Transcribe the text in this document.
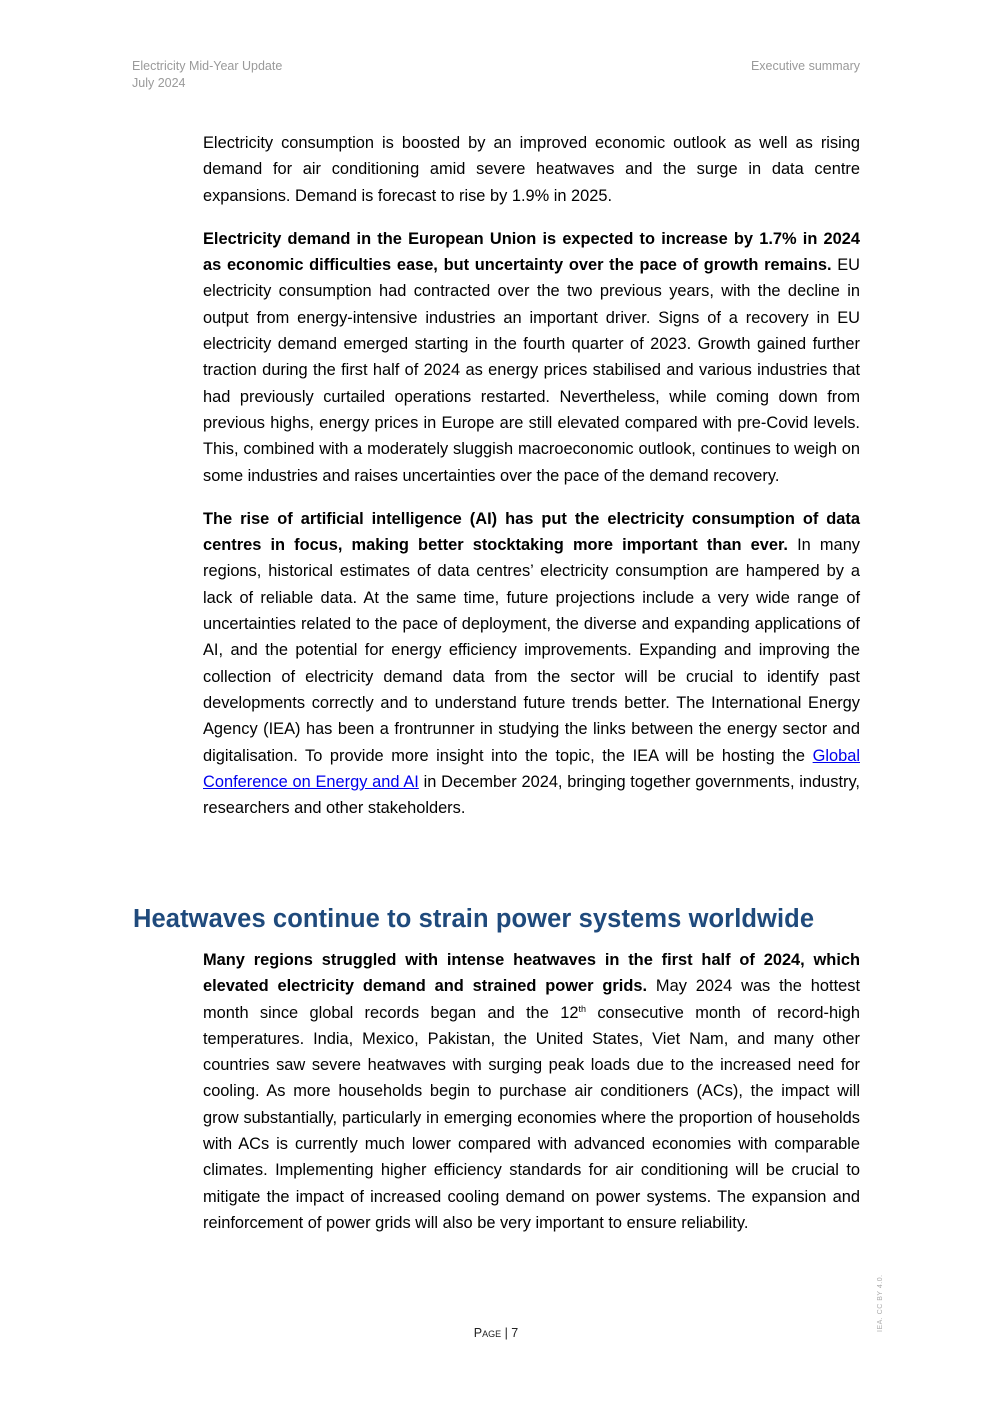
Electricity Mid-Year Update
July 2024
Executive summary

Electricity consumption is boosted by an improved economic outlook as well as rising demand for air conditioning amid severe heatwaves and the surge in data centre expansions. Demand is forecast to rise by 1.9% in 2025.

Electricity demand in the European Union is expected to increase by 1.7% in 2024 as economic difficulties ease, but uncertainty over the pace of growth remains. EU electricity consumption had contracted over the two previous years, with the decline in output from energy-intensive industries an important driver. Signs of a recovery in EU electricity demand emerged starting in the fourth quarter of 2023. Growth gained further traction during the first half of 2024 as energy prices stabilised and various industries that had previously curtailed operations restarted. Nevertheless, while coming down from previous highs, energy prices in Europe are still elevated compared with pre-Covid levels. This, combined with a moderately sluggish macroeconomic outlook, continues to weigh on some industries and raises uncertainties over the pace of the demand recovery.

The rise of artificial intelligence (AI) has put the electricity consumption of data centres in focus, making better stocktaking more important than ever. In many regions, historical estimates of data centres’ electricity consumption are hampered by a lack of reliable data. At the same time, future projections include a very wide range of uncertainties related to the pace of deployment, the diverse and expanding applications of AI, and the potential for energy efficiency improvements. Expanding and improving the collection of electricity demand data from the sector will be crucial to identify past developments correctly and to understand future trends better. The International Energy Agency (IEA) has been a frontrunner in studying the links between the energy sector and digitalisation. To provide more insight into the topic, the IEA will be hosting the Global Conference on Energy and AI in December 2024, bringing together governments, industry, researchers and other stakeholders.

Heatwaves continue to strain power systems worldwide

Many regions struggled with intense heatwaves in the first half of 2024, which elevated electricity demand and strained power grids. May 2024 was the hottest month since global records began and the 12th consecutive month of record-high temperatures. India, Mexico, Pakistan, the United States, Viet Nam, and many other countries saw severe heatwaves with surging peak loads due to the increased need for cooling. As more households begin to purchase air conditioners (ACs), the impact will grow substantially, particularly in emerging economies where the proportion of households with ACs is currently much lower compared with advanced economies with comparable climates. Implementing higher efficiency standards for air conditioning will be crucial to mitigate the impact of increased cooling demand on power systems. The expansion and reinforcement of power grids will also be very important to ensure reliability.

Page | 7
IEA. CC BY 4.0.
